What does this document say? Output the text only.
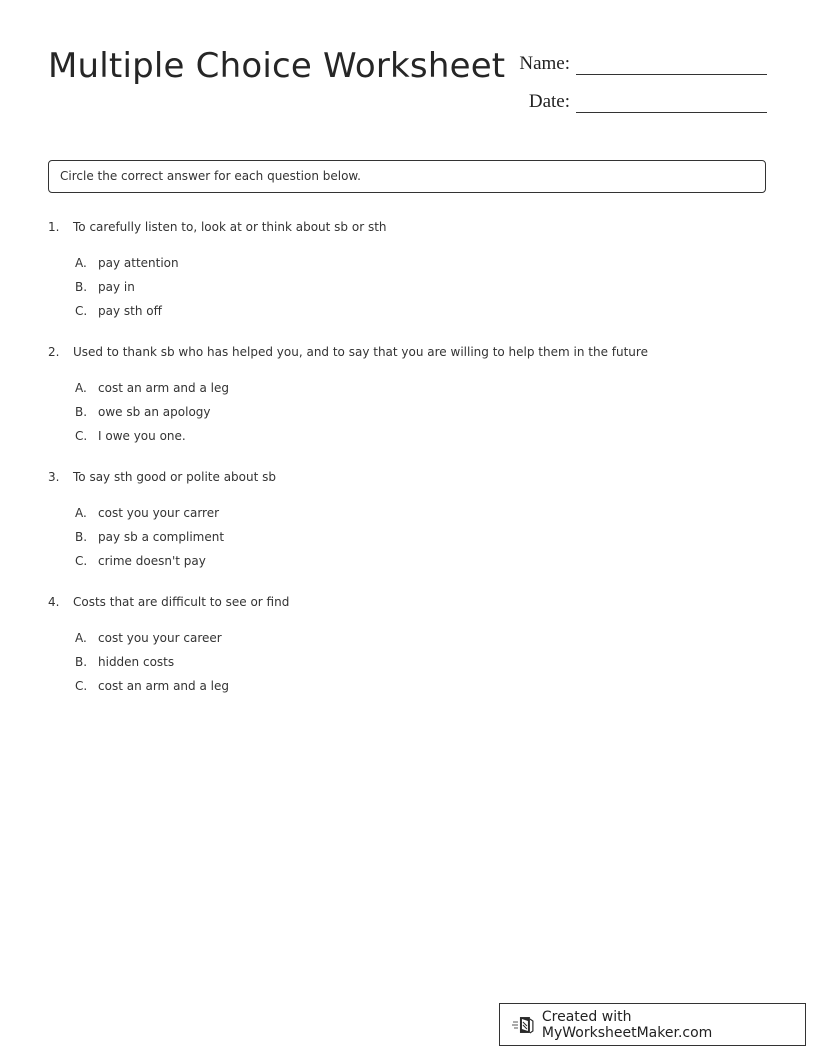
Multiple Choice Worksheet Name:
Date:
Circle the correct answer for each question below.
1.	To carefully listen to, look at or think about sb or sth
A. pay attention
B. pay in
C. pay sth off
2.	Used to thank sb who has helped you, and to say that you are willing to help them in the future
A. cost an arm and a leg
B. owe sb an apology
C. I owe you one.
3.	To say sth good or polite about sb
A. cost you your carrer
B. pay sb a compliment
C. crime doesn't pay
4.	Costs that are difficult to see or find
A. cost you your career
B. hidden costs
C. cost an arm and a leg
Created with MyWorksheetMaker.com
